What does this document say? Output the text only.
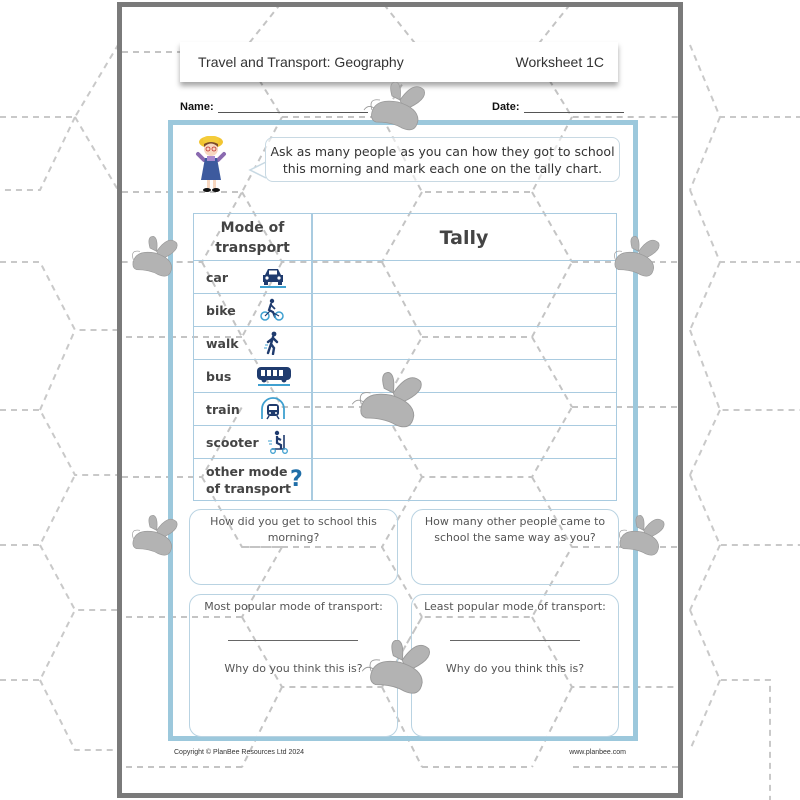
Travel and Transport: Geography	Worksheet 1C
Name:	Date:
Ask as many people as you can how they got to school
this morning and mark each one on the tally chart.
Mode of
transport	Tally
car
bike
walk
bus
train
scooter
other mode
of transport ?
How did you get to school this morning?
How many other people came to school the same way as you?
Most popular mode of transport:
Why do you think this is?
Least popular mode of transport:
Why do you think this is?
Copyright © PlanBee Resources Ltd 2024	www.planbee.com
